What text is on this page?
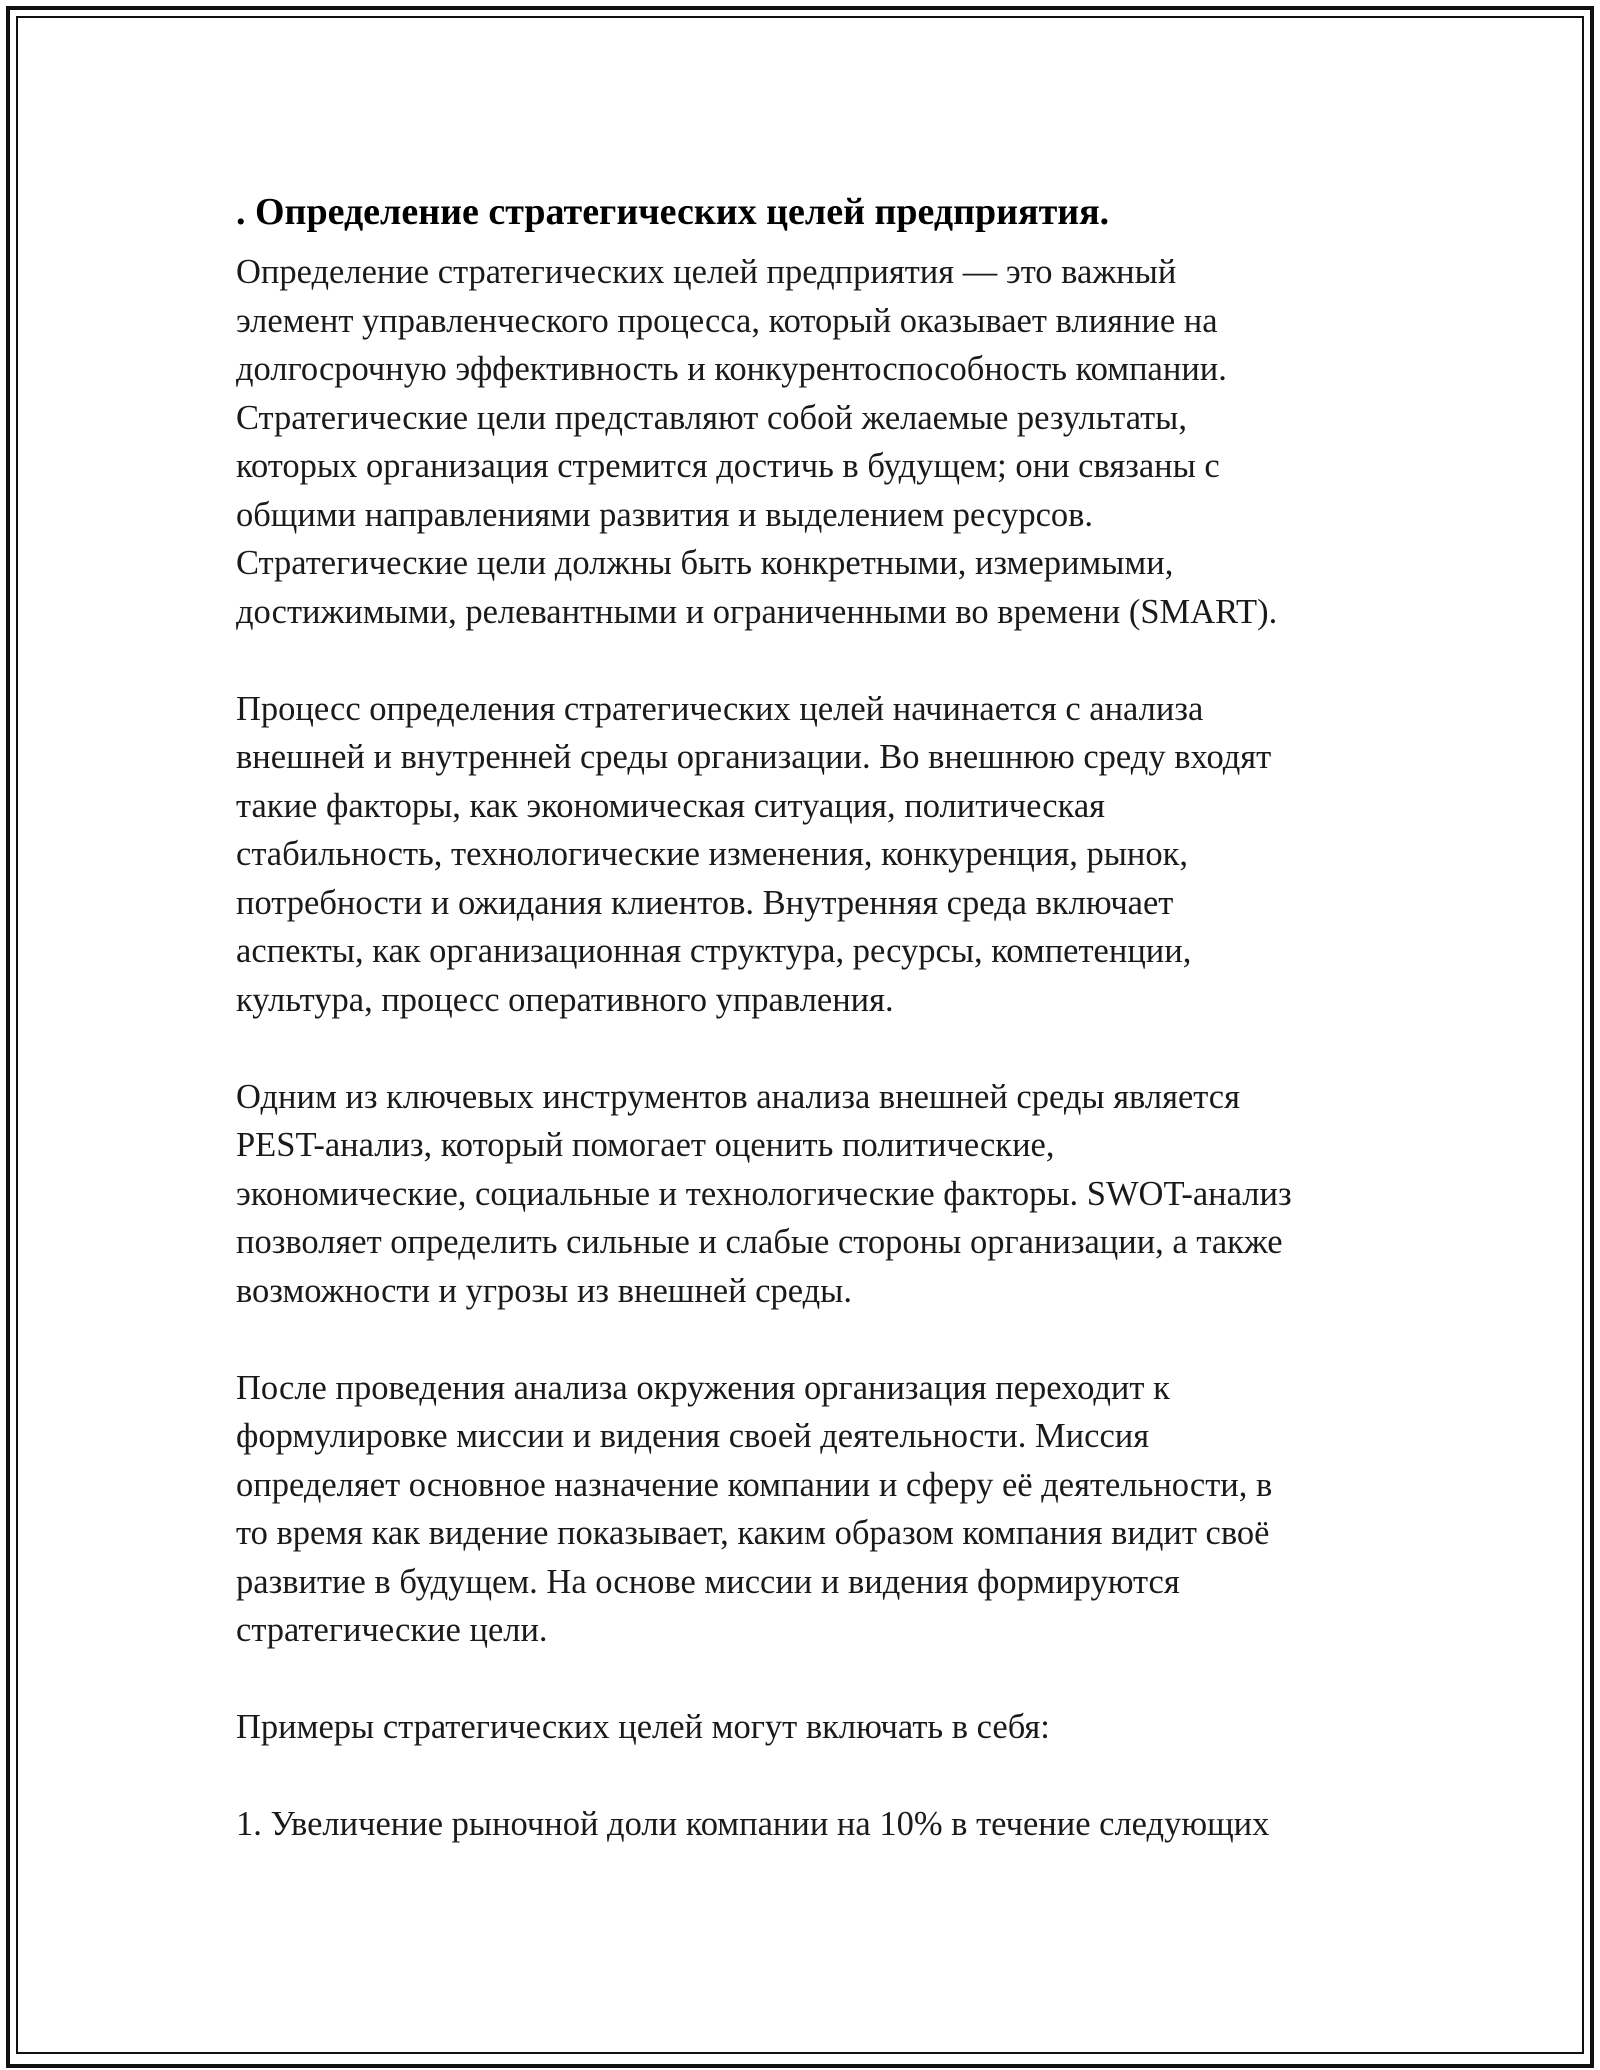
. Определение стратегических целей предприятия.
Определение стратегических целей предприятия — это важный
элемент управленческого процесса, который оказывает влияние на
долгосрочную эффективность и конкурентоспособность компании.
Стратегические цели представляют собой желаемые результаты,
которых организация стремится достичь в будущем; они связаны с
общими направлениями развития и выделением ресурсов.
Стратегические цели должны быть конкретными, измеримыми,
достижимыми, релевантными и ограниченными во времени (SMART).
Процесс определения стратегических целей начинается с анализа
внешней и внутренней среды организации. Во внешнюю среду входят
такие факторы, как экономическая ситуация, политическая
стабильность, технологические изменения, конкуренция, рынок,
потребности и ожидания клиентов. Внутренняя среда включает
аспекты, как организационная структура, ресурсы, компетенции,
культура, процесс оперативного управления.
Одним из ключевых инструментов анализа внешней среды является
PEST-анализ, который помогает оценить политические,
экономические, социальные и технологические факторы. SWOT-анализ
позволяет определить сильные и слабые стороны организации, а также
возможности и угрозы из внешней среды.
После проведения анализа окружения организация переходит к
формулировке миссии и видения своей деятельности. Миссия
определяет основное назначение компании и сферу её деятельности, в
то время как видение показывает, каким образом компания видит своё
развитие в будущем. На основе миссии и видения формируются
стратегические цели.
Примеры стратегических целей могут включать в себя:
1. Увеличение рыночной доли компании на 10% в течение следующих
